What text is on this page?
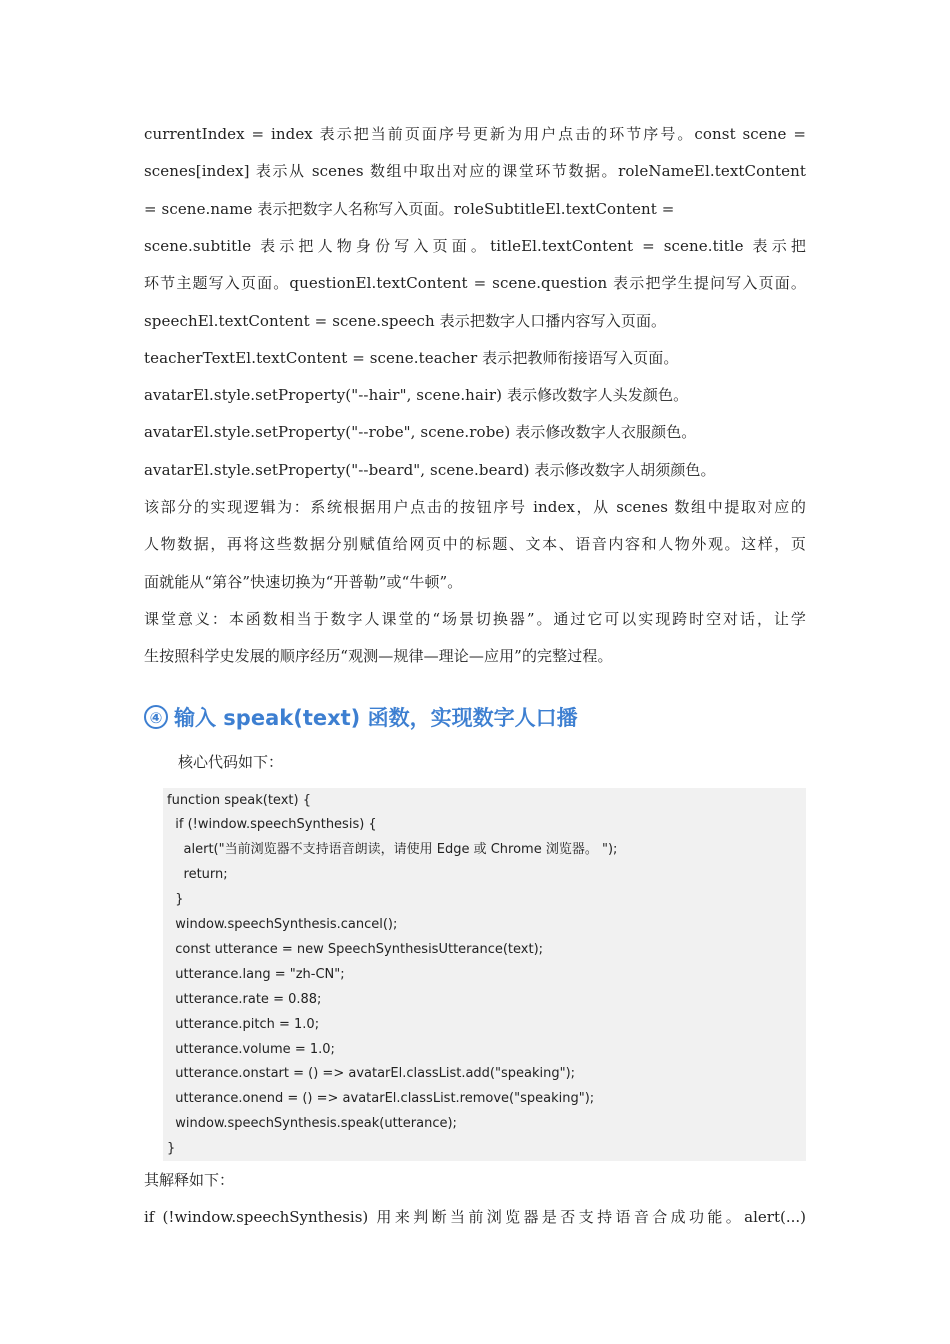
currentIndex = index 表示把当前页面序号更新为用户点击的环节序号。const scene =
scenes[index] 表示从 scenes 数组中取出对应的课堂环节数据。roleNameEl.textContent
= scene.name 表示把数字人名称写入页面。roleSubtitleEl.textContent =
scene.subtitle 表示把人物身份写入页面。titleEl.textContent = scene.title 表示把
环节主题写入页面。questionEl.textContent = scene.question 表示把学生提问写入页面。
speechEl.textContent = scene.speech 表示把数字人口播内容写入页面。
teacherTextEl.textContent = scene.teacher 表示把教师衔接语写入页面。
avatarEl.style.setProperty("--hair", scene.hair) 表示修改数字人头发颜色。
avatarEl.style.setProperty("--robe", scene.robe) 表示修改数字人衣服颜色。
avatarEl.style.setProperty("--beard", scene.beard) 表示修改数字人胡须颜色。
该部分的实现逻辑为：系统根据用户点击的按钮序号 index，从 scenes 数组中提取对应的
人物数据，再将这些数据分别赋值给网页中的标题、文本、语音内容和人物外观。这样，页
面就能从“第谷”快速切换为“开普勒”或“牛顿”。
课堂意义：本函数相当于数字人课堂的“场景切换器”。通过它可以实现跨时空对话，让学
生按照科学史发展的顺序经历“观测—规律—理论—应用”的完整过程。
④ 输入 speak(text) 函数，实现数字人口播
核心代码如下：
function speak(text) {
if (!window.speechSynthesis) {
alert("当前浏览器不支持语音朗读，请使用 Edge 或 Chrome 浏览器。 ");
return;
}
window.speechSynthesis.cancel();
const utterance = new SpeechSynthesisUtterance(text);
utterance.lang = "zh-CN";
utterance.rate = 0.88;
utterance.pitch = 1.0;
utterance.volume = 1.0;
utterance.onstart = () => avatarEl.classList.add("speaking");
utterance.onend = () => avatarEl.classList.remove("speaking");
window.speechSynthesis.speak(utterance);
}
其解释如下：
if (!window.speechSynthesis) 用来判断当前浏览器是否支持语音合成功能。alert(...)
